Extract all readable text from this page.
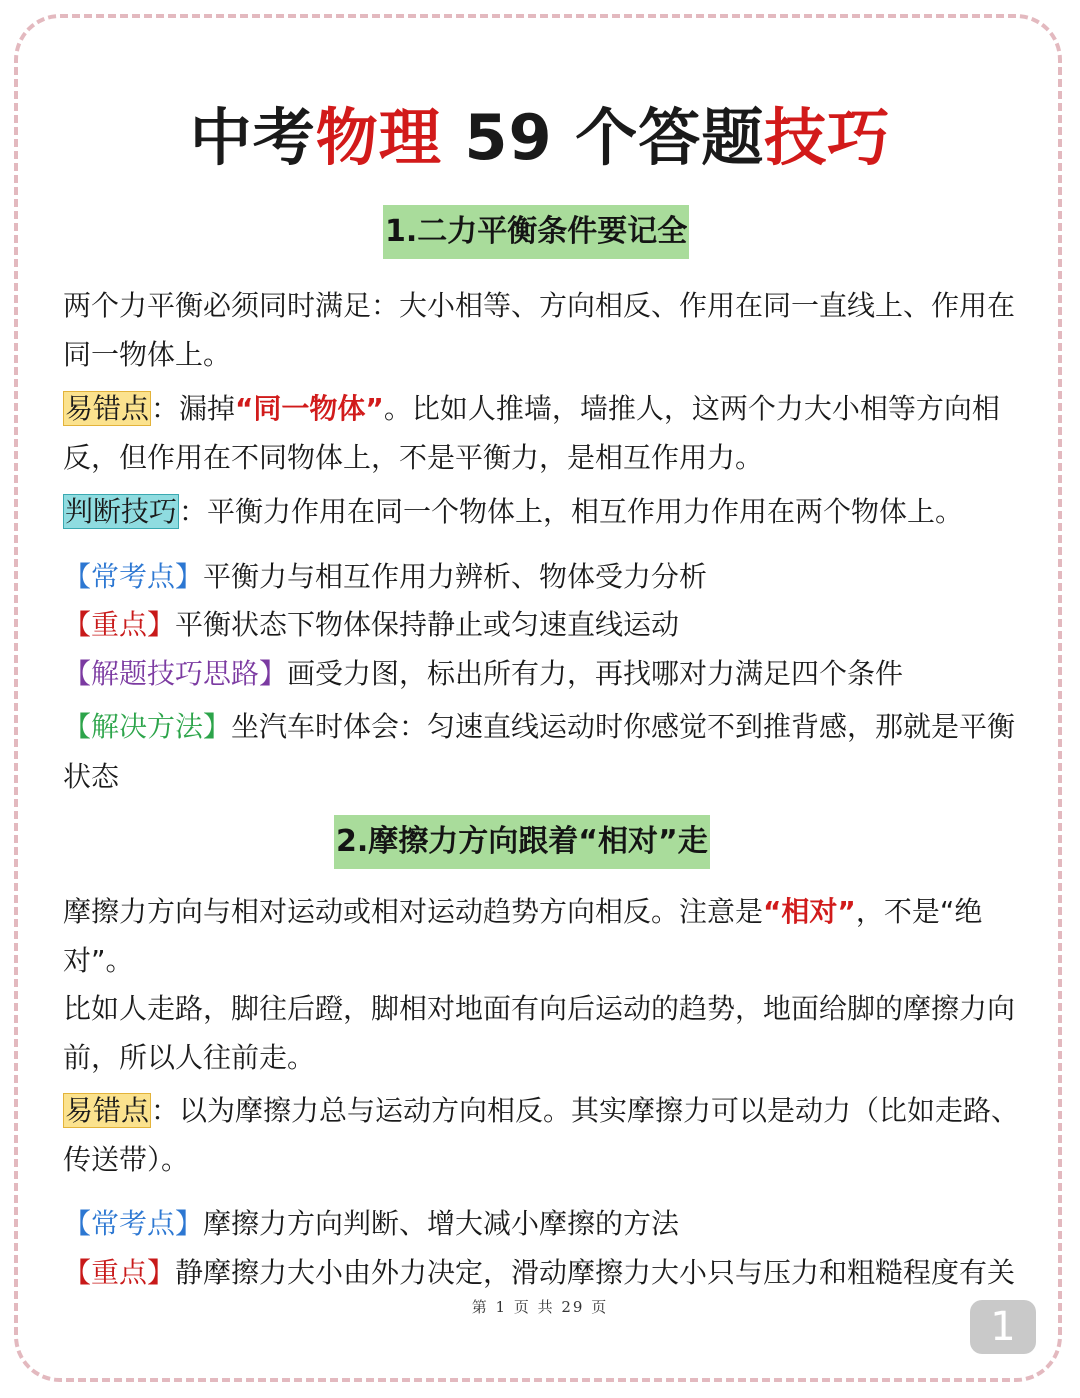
中考物理 59 个答题技巧
1.二力平衡条件要记全
两个力平衡必须同时满足：大小相等、方向相反、作用在同一直线上、作用在
同一物体上。
易错点：漏掉“同一物体”。比如人推墙，墙推人，这两个力大小相等方向相
反，但作用在不同物体上，不是平衡力，是相互作用力。
判断技巧：平衡力作用在同一个物体上，相互作用力作用在两个物体上。
【常考点】平衡力与相互作用力辨析、物体受力分析
【重点】平衡状态下物体保持静止或匀速直线运动
【解题技巧思路】画受力图，标出所有力，再找哪对力满足四个条件
【解决方法】坐汽车时体会：匀速直线运动时你感觉不到推背感，那就是平衡
状态
2.摩擦力方向跟着“相对”走
摩擦力方向与相对运动或相对运动趋势方向相反。注意是“相对”，不是“绝
对”。
比如人走路，脚往后蹬，脚相对地面有向后运动的趋势，地面给脚的摩擦力向
前，所以人往前走。
易错点：以为摩擦力总与运动方向相反。其实摩擦力可以是动力（比如走路、
传送带）。
【常考点】摩擦力方向判断、增大减小摩擦的方法
【重点】静摩擦力大小由外力决定，滑动摩擦力大小只与压力和粗糙程度有关
第 1 页 共 29 页	1
